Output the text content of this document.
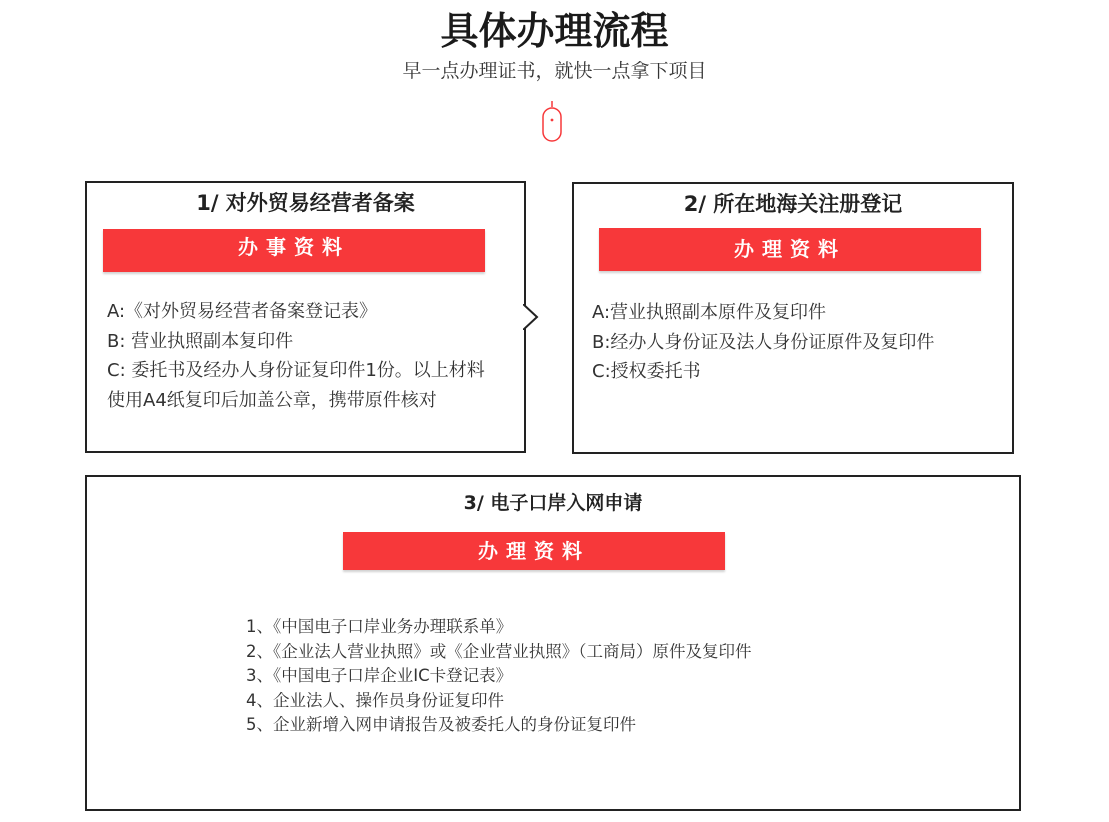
具体办理流程
早一点办理证书，就快一点拿下项目
1/ 对外贸易经营者备案
办事资料
A:《对外贸易经营者备案登记表》
B: 营业执照副本复印件
C: 委托书及经办人身份证复印件1份。以上材料使用A4纸复印后加盖公章，携带原件核对
2/ 所在地海关注册登记
办理资料
A:营业执照副本原件及复印件
B:经办人身份证及法人身份证原件及复印件
C:授权委托书
3/ 电子口岸入网申请
办理资料
1、《中国电子口岸业务办理联系单》
2、《企业法人营业执照》或《企业营业执照》（工商局）原件及复印件
3、《中国电子口岸企业IC卡登记表》
4、企业法人、操作员身份证复印件
5、企业新增入网申请报告及被委托人的身份证复印件
